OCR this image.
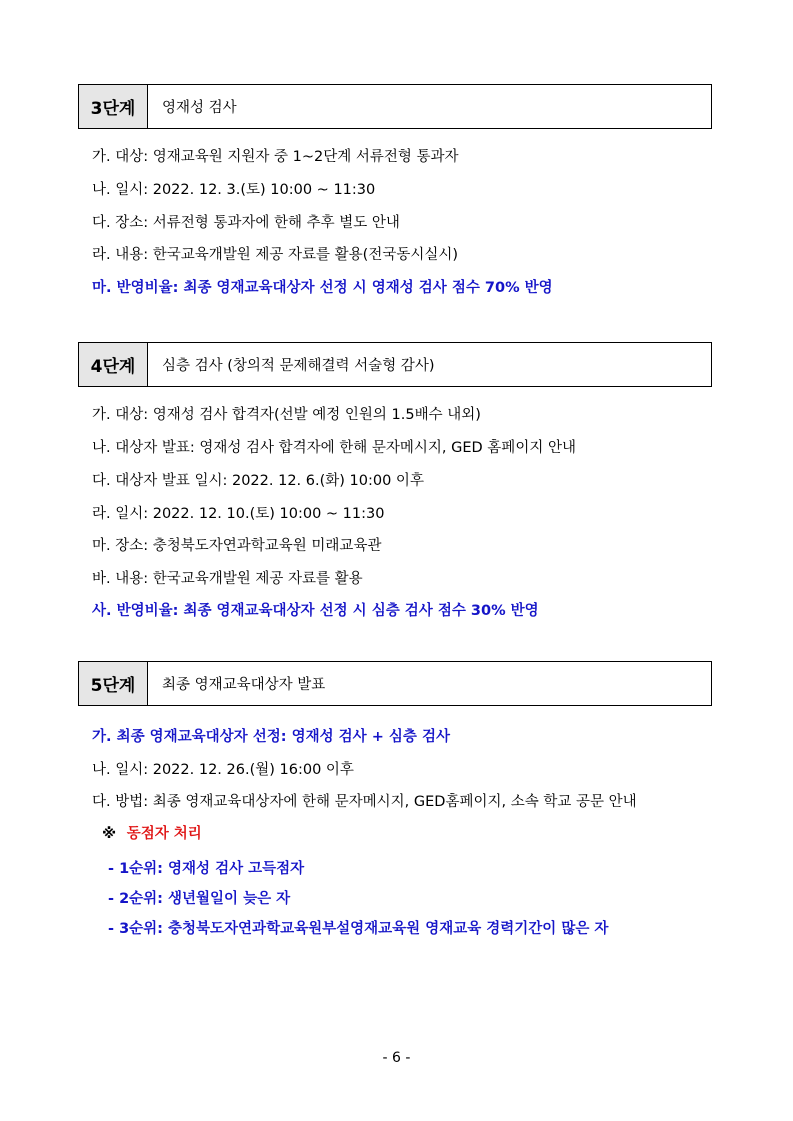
3단계	영재성 검사
가. 대상: 영재교육원 지원자 중 1~2단계 서류전형 통과자
나. 일시: 2022. 12. 3.(토) 10:00 ~ 11:30
다. 장소: 서류전형 통과자에 한해 추후 별도 안내
라. 내용: 한국교육개발원 제공 자료를 활용(전국동시실시)
마. 반영비율: 최종 영재교육대상자 선정 시 영재성 검사 점수 70% 반영
4단계	심층 검사 (창의적 문제해결력 서술형 감사)
가. 대상: 영재성 검사 합격자(선발 예정 인원의 1.5배수 내외)
나. 대상자 발표: 영재성 검사 합격자에 한해 문자메시지, GED 홈페이지 안내
다. 대상자 발표 일시: 2022. 12. 6.(화) 10:00 이후
라. 일시: 2022. 12. 10.(토) 10:00 ~ 11:30
마. 장소: 충청북도자연과학교육원 미래교육관
바. 내용: 한국교육개발원 제공 자료를 활용
사. 반영비율: 최종 영재교육대상자 선정 시 심층 검사 점수 30% 반영
5단계	최종 영재교육대상자 발표
가. 최종 영재교육대상자 선정: 영재성 검사 + 심층 검사
나. 일시: 2022. 12. 26.(월) 16:00 이후
다. 방법: 최종 영재교육대상자에 한해 문자메시지, GED홈페이지, 소속 학교 공문 안내
※ 동점자 처리
- 1순위: 영재성 검사 고득점자
- 2순위: 생년월일이 늦은 자
- 3순위: 충청북도자연과학교육원부설영재교육원 영재교육 경력기간이 많은 자
- 6 -
